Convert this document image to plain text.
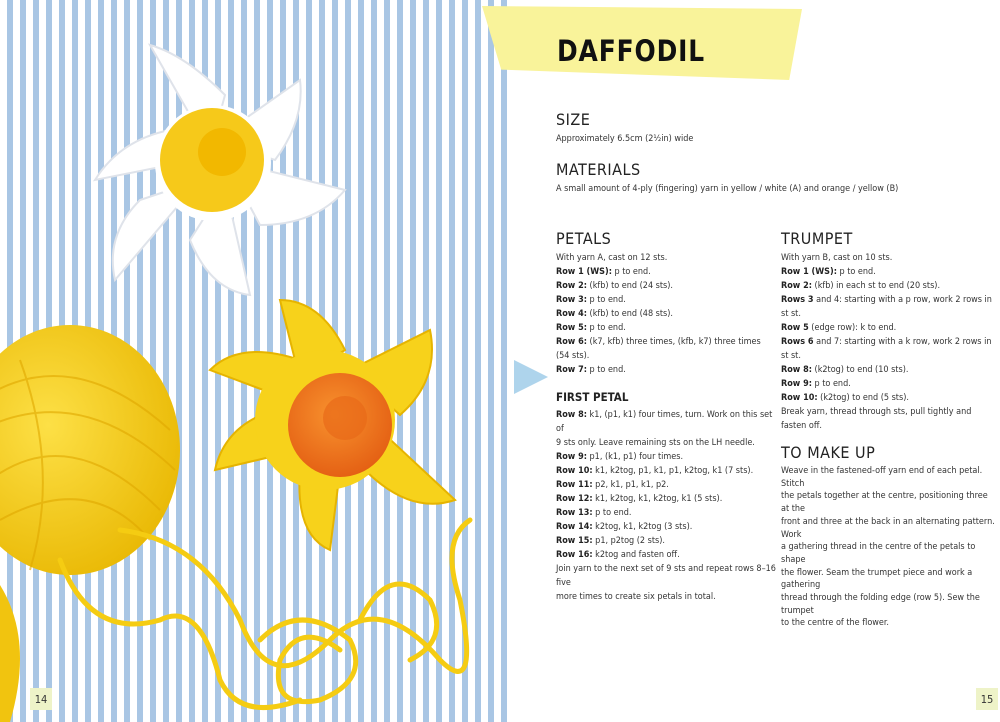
14
DAFFODIL
SIZE
Approximately 6.5cm (2½in) wide
MATERIALS
A small amount of 4-ply (fingering) yarn in yellow / white (A) and orange / yellow (B)
PETALS
With yarn A, cast on 12 sts.
Row 1 (WS): p to end.
Row 2: (kfb) to end (24 sts).
Row 3: p to end.
Row 4: (kfb) to end (48 sts).
Row 5: p to end.
Row 6: (k7, kfb) three times, (kfb, k7) three times (54 sts).
Row 7: p to end.
FIRST PETAL
Row 8: k1, (p1, k1) four times, turn. Work on this set of
9 sts only. Leave remaining sts on the LH needle.
Row 9: p1, (k1, p1) four times.
Row 10: k1, k2tog, p1, k1, p1, k2tog, k1 (7 sts).
Row 11: p2, k1, p1, k1, p2.
Row 12: k1, k2tog, k1, k2tog, k1 (5 sts).
Row 13: p to end.
Row 14: k2tog, k1, k2tog (3 sts).
Row 15: p1, p2tog (2 sts).
Row 16: k2tog and fasten off.
Join yarn to the next set of 9 sts and repeat rows 8–16 five
more times to create six petals in total.
TRUMPET
With yarn B, cast on 10 sts.
Row 1 (WS): p to end.
Row 2: (kfb) in each st to end (20 sts).
Rows 3 and 4: starting with a p row, work 2 rows in st st.
Row 5 (edge row): k to end.
Rows 6 and 7: starting with a k row, work 2 rows in st st.
Row 8: (k2tog) to end (10 sts).
Row 9: p to end.
Row 10: (k2tog) to end (5 sts).
Break yarn, thread through sts, pull tightly and fasten off.
TO MAKE UP
Weave in the fastened-off yarn end of each petal. Stitch
the petals together at the centre, positioning three at the
front and three at the back in an alternating pattern. Work
a gathering thread in the centre of the petals to shape
the flower. Seam the trumpet piece and work a gathering
thread through the folding edge (row 5). Sew the trumpet
to the centre of the flower.
15
